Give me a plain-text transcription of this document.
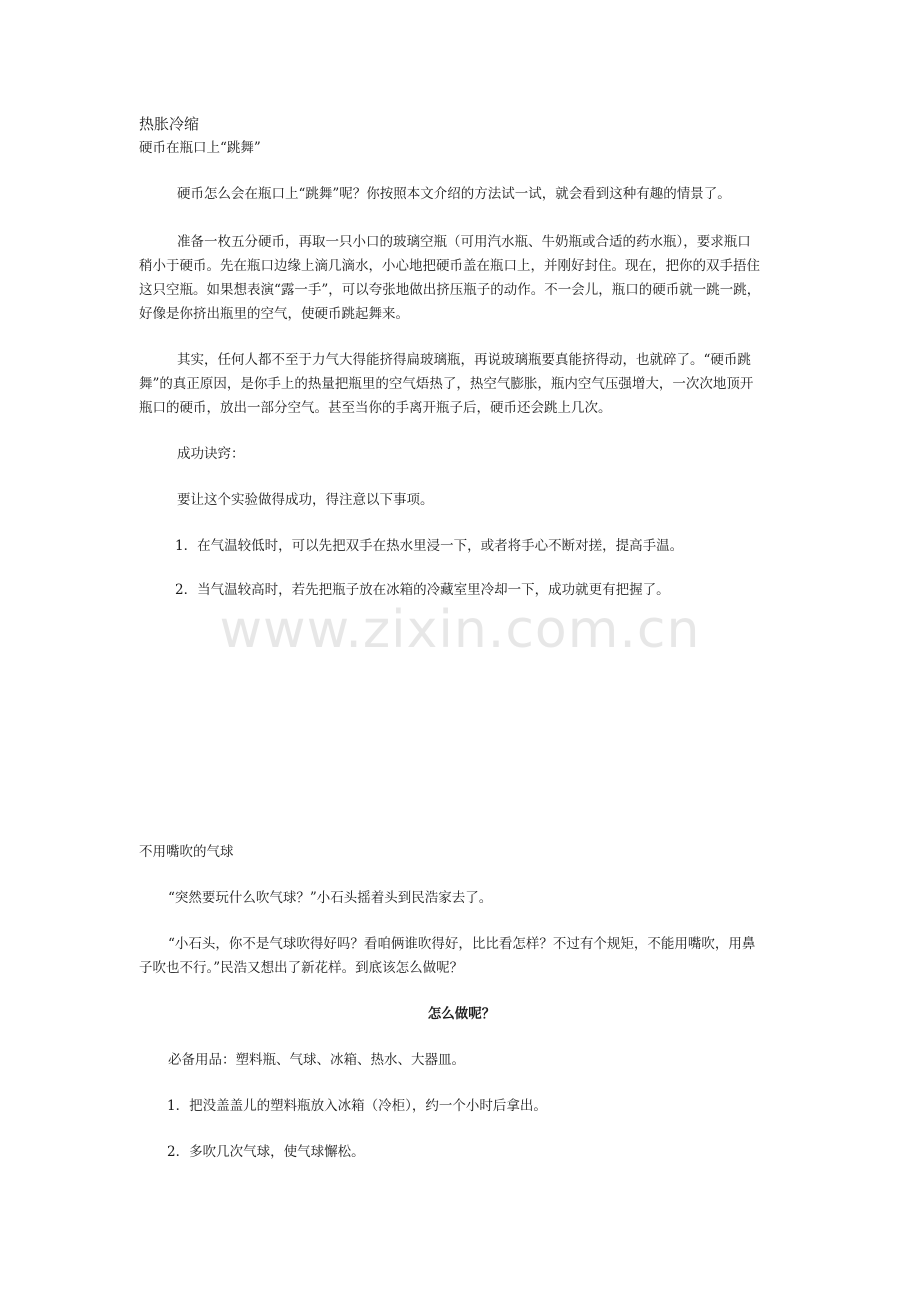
热胀冷缩
硬币在瓶口上“跳舞”
硬币怎么会在瓶口上“跳舞”呢？你按照本文介绍的方法试一试，就会看到这种有趣的情景了。
准备一枚五分硬币，再取一只小口的玻璃空瓶（可用汽水瓶、牛奶瓶或合适的药水瓶），要求瓶口
稍小于硬币。先在瓶口边缘上滴几滴水，小心地把硬币盖在瓶口上，并刚好封住。现在，把你的双手捂住
这只空瓶。如果想表演“露一手”，可以夸张地做出挤压瓶子的动作。不一会儿，瓶口的硬币就一跳一跳，
好像是你挤出瓶里的空气，使硬币跳起舞来。
其实，任何人都不至于力气大得能挤得扁玻璃瓶，再说玻璃瓶要真能挤得动，也就碎了。“硬币跳
舞”的真正原因，是你手上的热量把瓶里的空气焐热了，热空气膨胀，瓶内空气压强增大，一次次地顶开
瓶口的硬币，放出一部分空气。甚至当你的手离开瓶子后，硬币还会跳上几次。
成功诀窍：
要让这个实验做得成功，得注意以下事项。
1．在气温较低时，可以先把双手在热水里浸一下，或者将手心不断对搓，提高手温。
2．当气温较高时，若先把瓶子放在冰箱的冷藏室里冷却一下，成功就更有把握了。
www.zixin.com.cn
不用嘴吹的气球
“突然要玩什么吹气球？”小石头摇着头到民浩家去了。
“小石头，你不是气球吹得好吗？看咱俩谁吹得好，比比看怎样？不过有个规矩，不能用嘴吹，用鼻
子吹也不行。”民浩又想出了新花样。到底该怎么做呢？
怎么做呢？
必备用品：塑料瓶、气球、冰箱、热水、大器皿。
1．把没盖盖儿的塑料瓶放入冰箱（冷柜），约一个小时后拿出。
2．多吹几次气球，使气球懈松。
